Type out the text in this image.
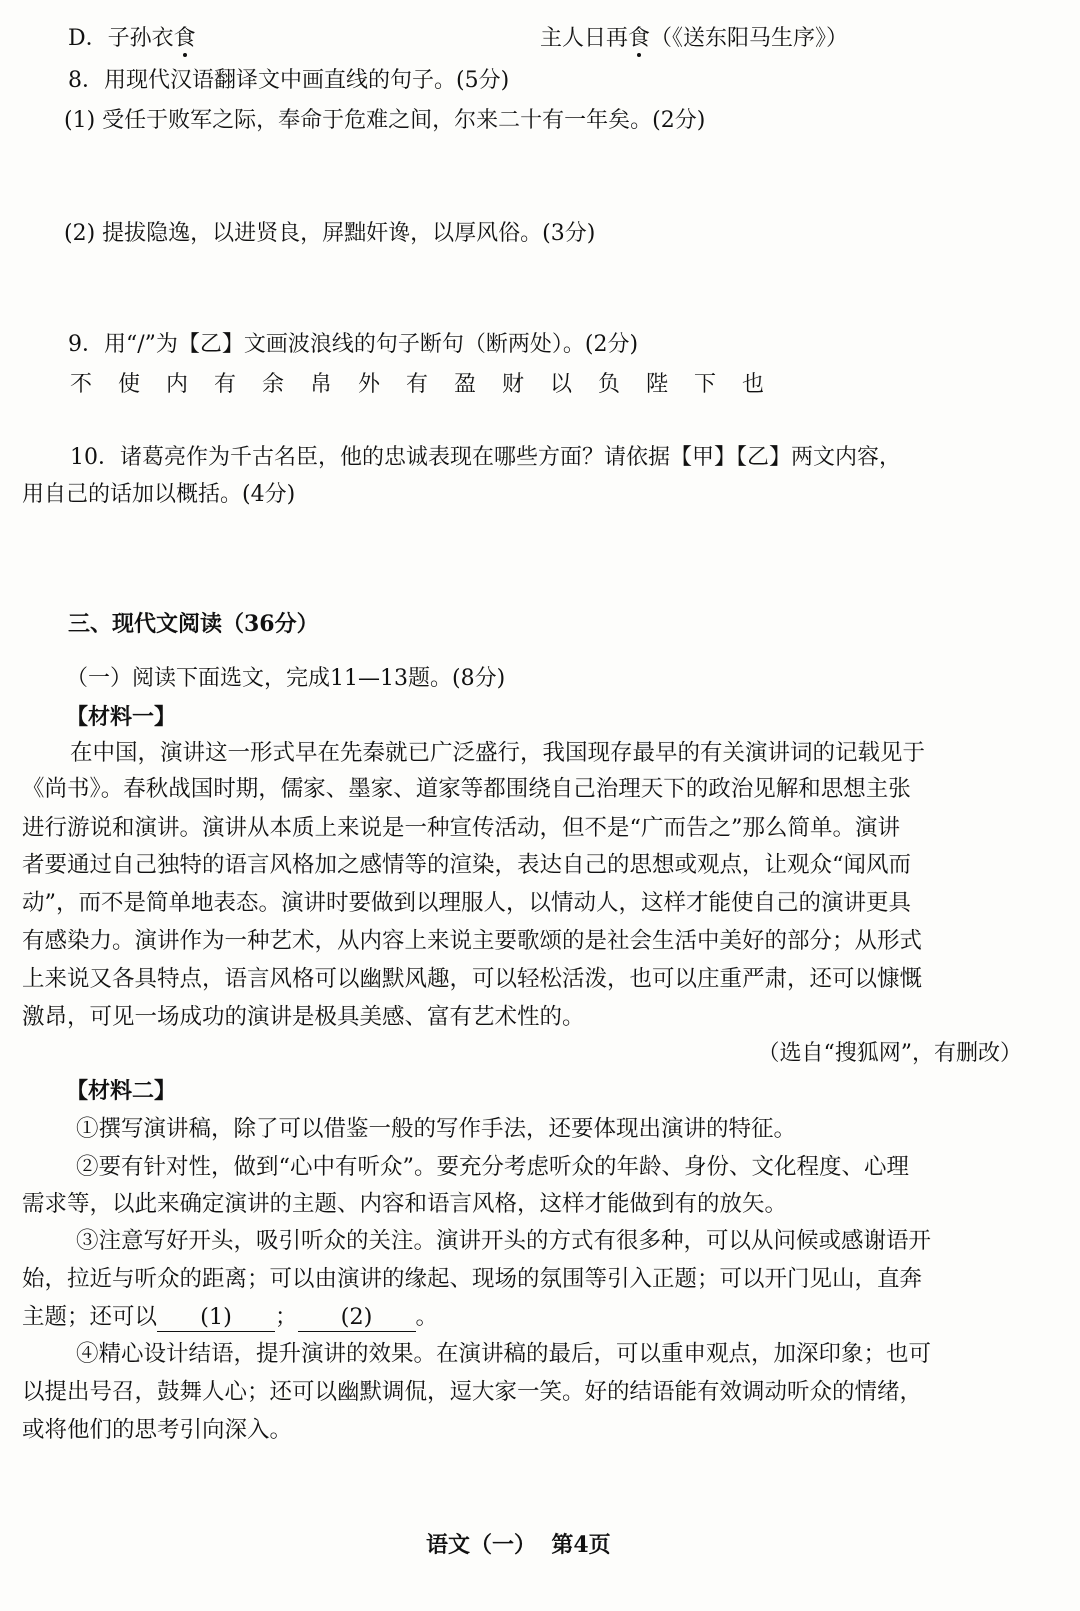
D．子孙衣食	主人日再食（《送东阳马生序》）
8．用现代汉语翻译文中画直线的句子。(5分)
(1) 受任于败军之际，奉命于危难之间，尔来二十有一年矣。(2分)
(2) 提拔隐逸，以进贤良，屏黜奸谗，以厚风俗。(3分)
9．用“/”为【乙】文画波浪线的句子断句（断两处）。(2分)
不使内有余帛外有盈财以负陛下也
10．诸葛亮作为千古名臣，他的忠诚表现在哪些方面？请依据【甲】【乙】两文内容，
用自己的话加以概括。(4分)
三、现代文阅读（36分）
（一）阅读下面选文，完成11—13题。(8分)
【材料一】
在中国，演讲这一形式早在先秦就已广泛盛行，我国现存最早的有关演讲词的记载见于
《尚书》。春秋战国时期，儒家、墨家、道家等都围绕自己治理天下的政治见解和思想主张
进行游说和演讲。演讲从本质上来说是一种宣传活动，但不是“广而告之”那么简单。演讲
者要通过自己独特的语言风格加之感情等的渲染，表达自己的思想或观点，让观众“闻风而
动”，而不是简单地表态。演讲时要做到以理服人，以情动人，这样才能使自己的演讲更具
有感染力。演讲作为一种艺术，从内容上来说主要歌颂的是社会生活中美好的部分；从形式
上来说又各具特点，语言风格可以幽默风趣，可以轻松活泼，也可以庄重严肃，还可以慷慨
激昂，可见一场成功的演讲是极具美感、富有艺术性的。
（选自“搜狐网”，有删改）
【材料二】
①撰写演讲稿，除了可以借鉴一般的写作手法，还要体现出演讲的特征。
②要有针对性，做到“心中有听众”。要充分考虑听众的年龄、身份、文化程度、心理
需求等，以此来确定演讲的主题、内容和语言风格，这样才能做到有的放矢。
③注意写好开头，吸引听众的关注。演讲开头的方式有很多种，可以从问候或感谢语开
始，拉近与听众的距离；可以由演讲的缘起、现场的氛围等引入正题；可以开门见山，直奔
主题；还可以 (1) ； (2) 。
④精心设计结语，提升演讲的效果。在演讲稿的最后，可以重申观点，加深印象；也可
以提出号召，鼓舞人心；还可以幽默调侃，逗大家一笑。好的结语能有效调动听众的情绪，
或将他们的思考引向深入。
语文（一）  第4页
